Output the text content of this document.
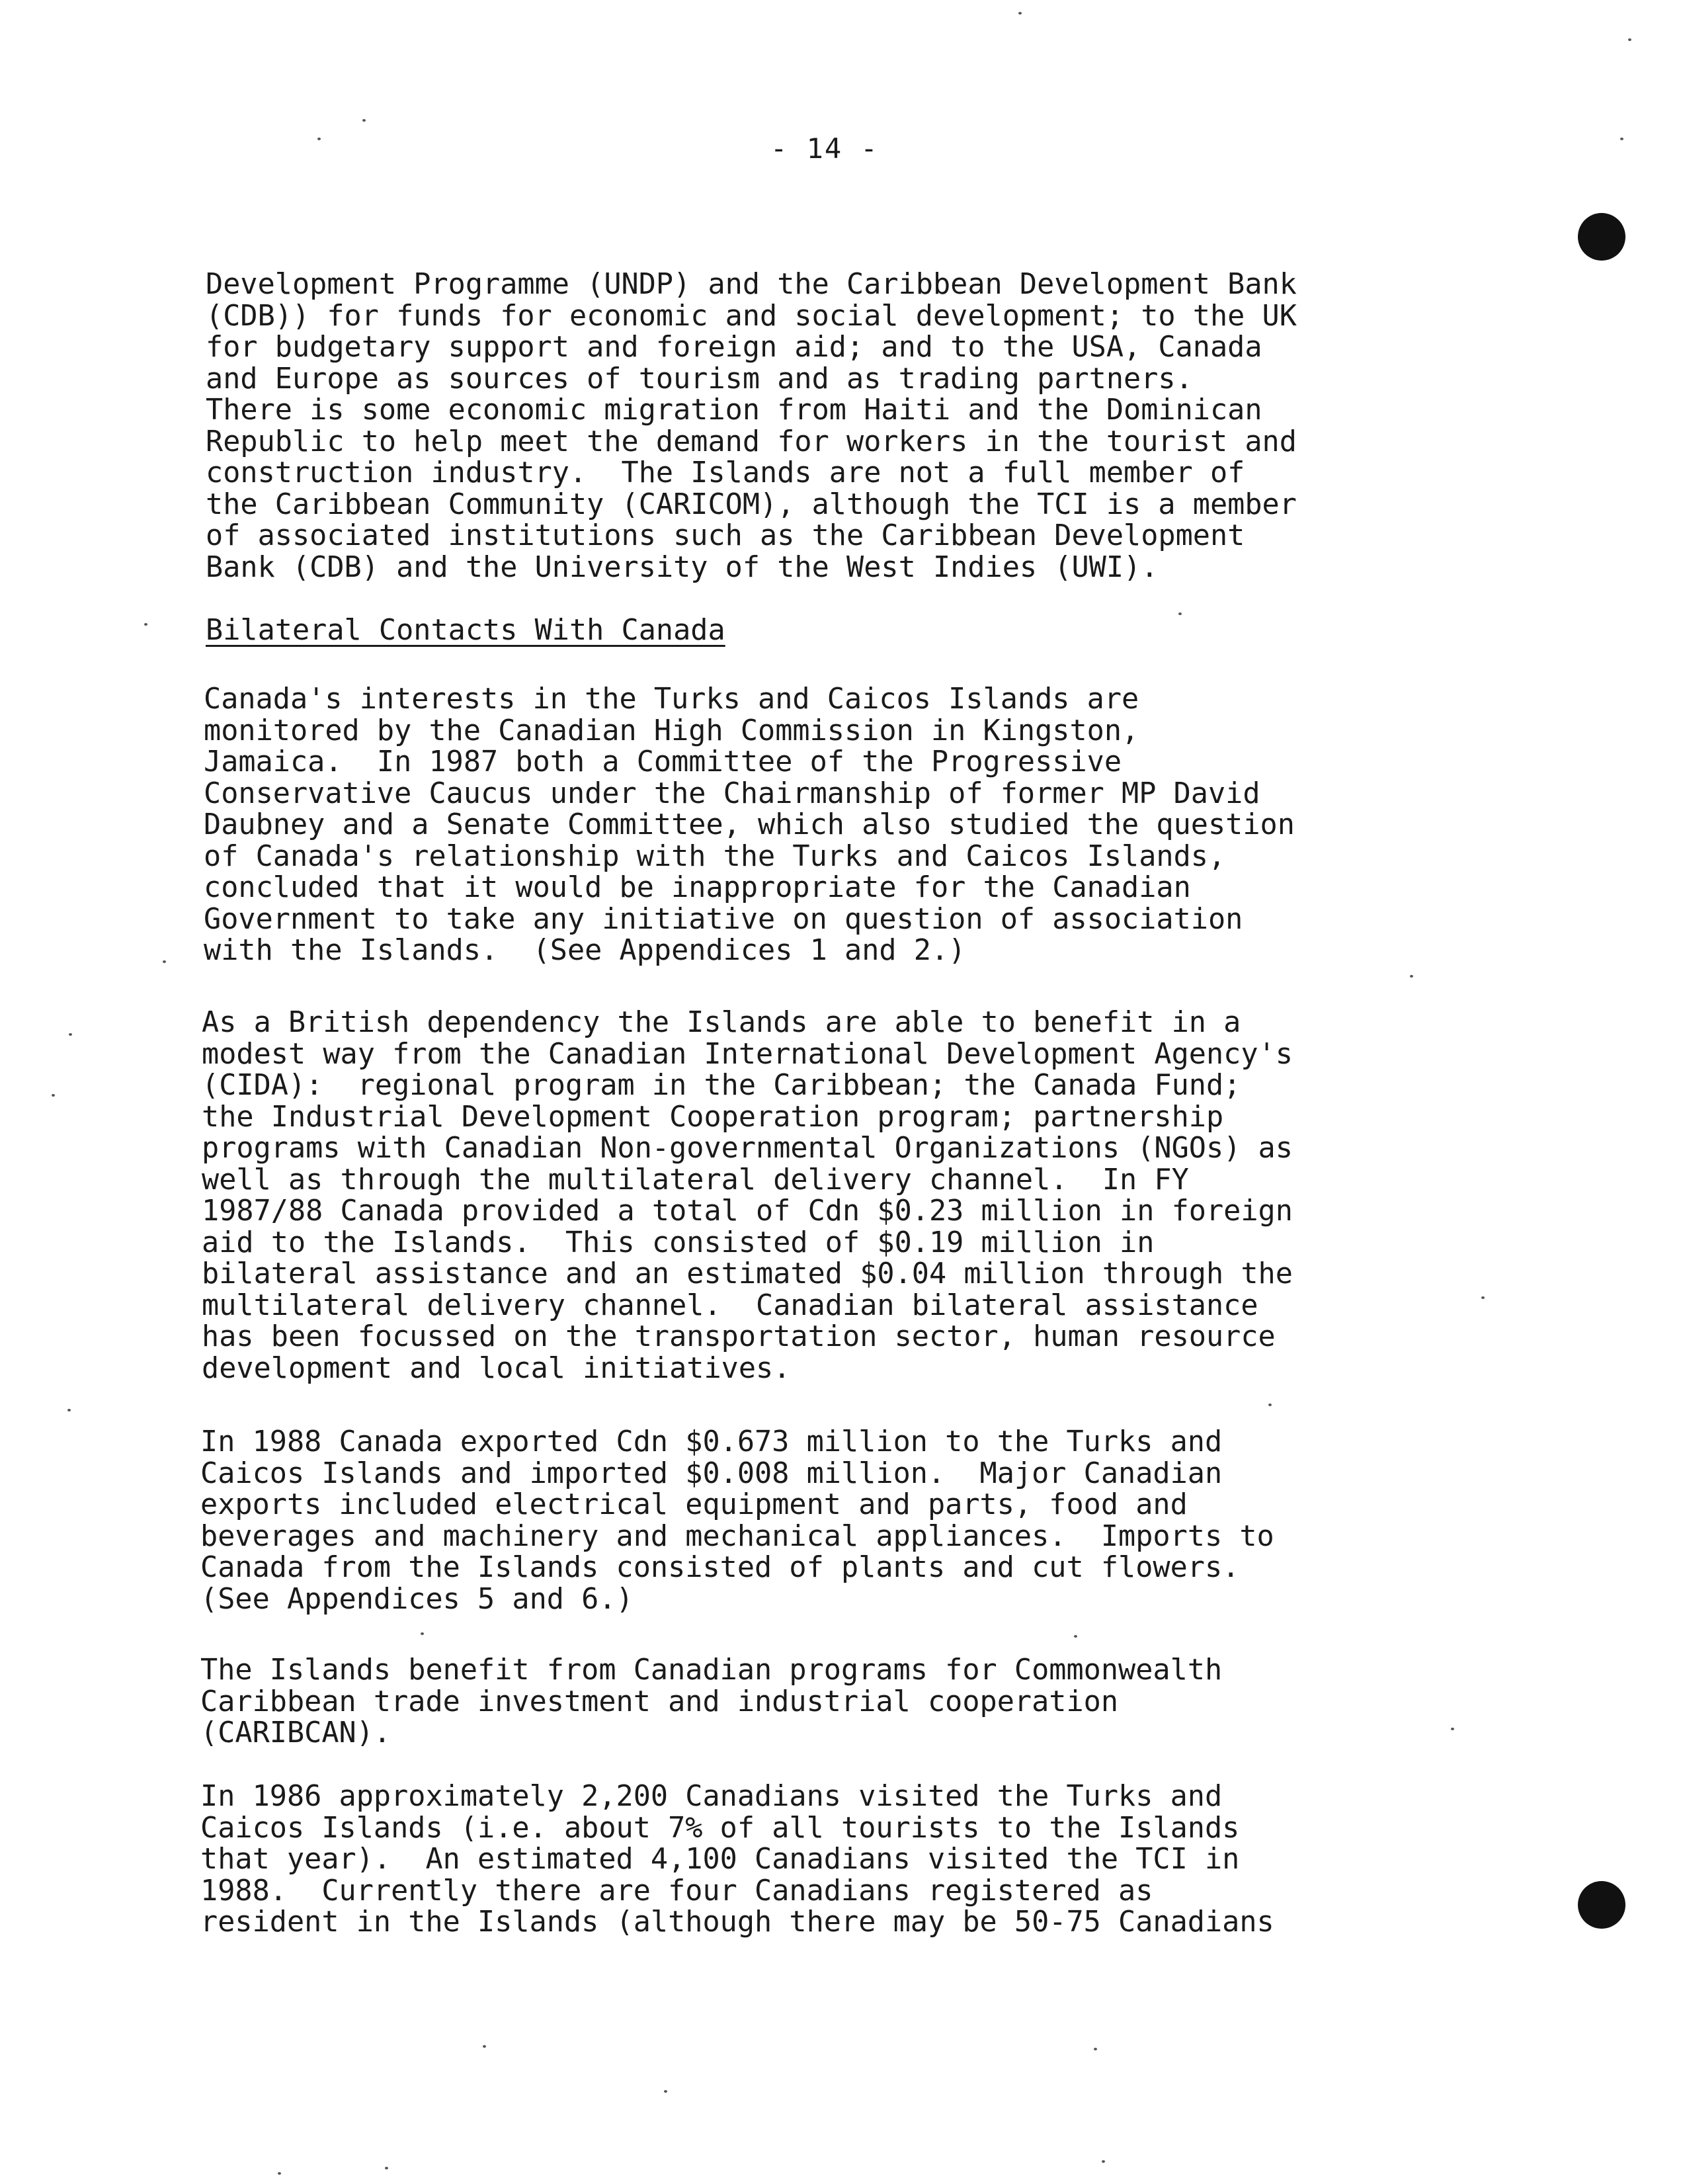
- 14 -
Development Programme (UNDP) and the Caribbean Development Bank
(CDB)) for funds for economic and social development; to the UK
for budgetary support and foreign aid; and to the USA, Canada
and Europe as sources of tourism and as trading partners.
There is some economic migration from Haiti and the Dominican
Republic to help meet the demand for workers in the tourist and
construction industry.  The Islands are not a full member of
the Caribbean Community (CARICOM), although the TCI is a member
of associated institutions such as the Caribbean Development
Bank (CDB) and the University of the West Indies (UWI).
Bilateral Contacts With Canada
Canada's interests in the Turks and Caicos Islands are
monitored by the Canadian High Commission in Kingston,
Jamaica.  In 1987 both a Committee of the Progressive
Conservative Caucus under the Chairmanship of former MP David
Daubney and a Senate Committee, which also studied the question
of Canada's relationship with the Turks and Caicos Islands,
concluded that it would be inappropriate for the Canadian
Government to take any initiative on question of association
with the Islands.  (See Appendices 1 and 2.)
As a British dependency the Islands are able to benefit in a
modest way from the Canadian International Development Agency's
(CIDA):  regional program in the Caribbean; the Canada Fund;
the Industrial Development Cooperation program; partnership
programs with Canadian Non-governmental Organizations (NGOs) as
well as through the multilateral delivery channel.  In FY
1987/88 Canada provided a total of Cdn $0.23 million in foreign
aid to the Islands.  This consisted of $0.19 million in
bilateral assistance and an estimated $0.04 million through the
multilateral delivery channel.  Canadian bilateral assistance
has been focussed on the transportation sector, human resource
development and local initiatives.
In 1988 Canada exported Cdn $0.673 million to the Turks and
Caicos Islands and imported $0.008 million.  Major Canadian
exports included electrical equipment and parts, food and
beverages and machinery and mechanical appliances.  Imports to
Canada from the Islands consisted of plants and cut flowers.
(See Appendices 5 and 6.)
The Islands benefit from Canadian programs for Commonwealth
Caribbean trade investment and industrial cooperation
(CARIBCAN).
In 1986 approximately 2,200 Canadians visited the Turks and
Caicos Islands (i.e. about 7% of all tourists to the Islands
that year).  An estimated 4,100 Canadians visited the TCI in
1988.  Currently there are four Canadians registered as
resident in the Islands (although there may be 50-75 Canadians
